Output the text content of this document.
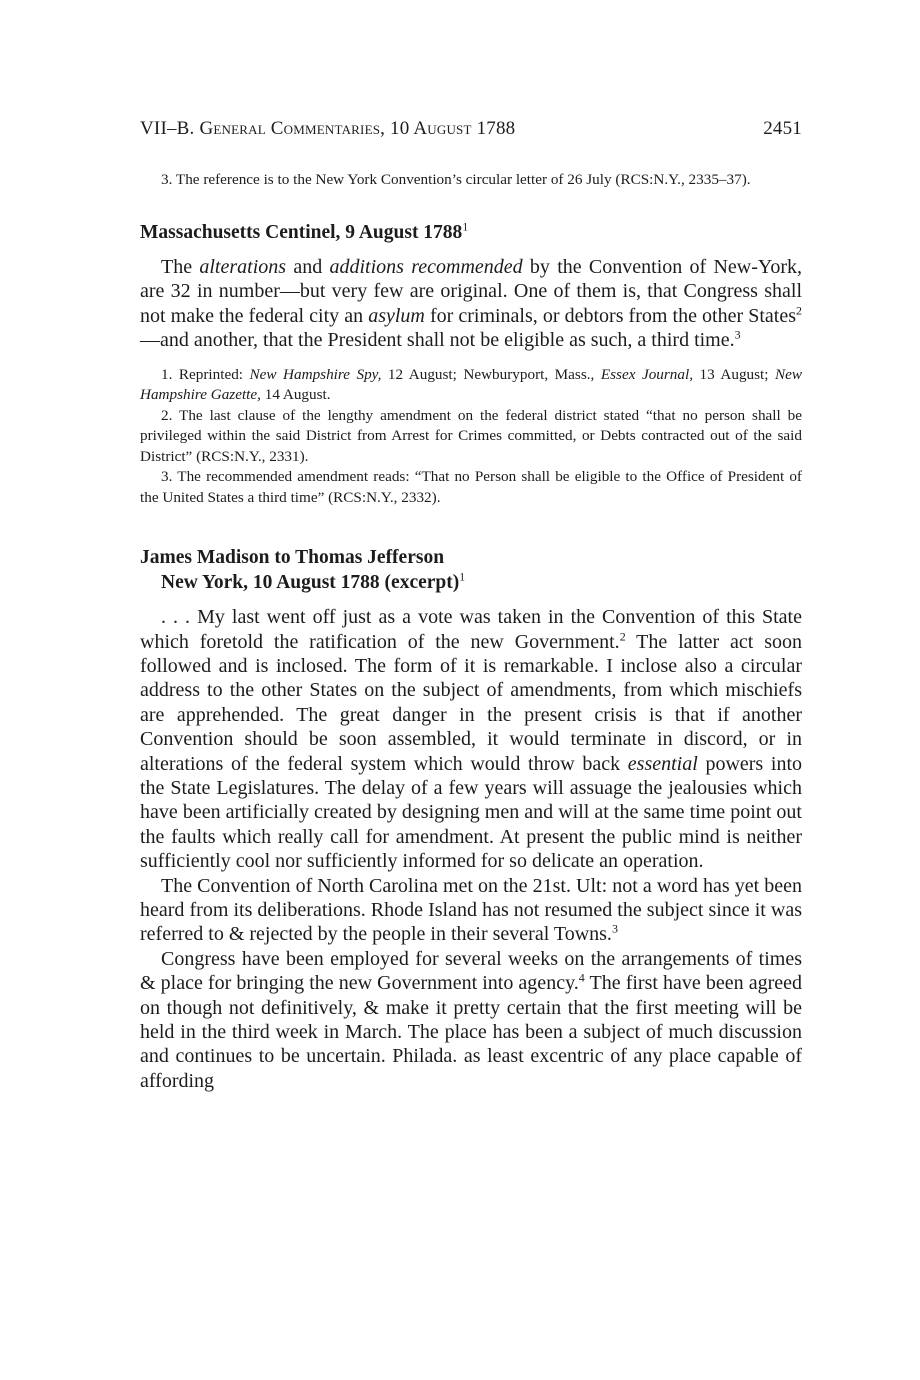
VII–B. General Commentaries, 10 August 1788	2451

3. The reference is to the New York Convention’s circular letter of 26 July (RCS:N.Y., 2335–37).

Massachusetts Centinel, 9 August 1788$^1$

The alterations and additions recommended by the Convention of New-York, are 32 in number—but very few are original. One of them is, that Congress shall not make the federal city an asylum for criminals, or debtors from the other States$^2$—and another, that the President shall not be eligible as such, a third time.$^3$

1. Reprinted: New Hampshire Spy, 12 August; Newburyport, Mass., Essex Journal, 13 August; New Hampshire Gazette, 14 August.

2. The last clause of the lengthy amendment on the federal district stated “that no person shall be privileged within the said District from Arrest for Crimes committed, or Debts contracted out of the said District” (RCS:N.Y., 2331).

3. The recommended amendment reads: “That no Person shall be eligible to the Office of President of the United States a third time” (RCS:N.Y., 2332).

James Madison to Thomas Jefferson
New York, 10 August 1788 (excerpt)$^1$

. . . My last went off just as a vote was taken in the Convention of this State which foretold the ratification of the new Government.$^2$ The latter act soon followed and is inclosed. The form of it is remarkable. I inclose also a circular address to the other States on the subject of amendments, from which mischiefs are apprehended. The great danger in the present crisis is that if another Convention should be soon assembled, it would terminate in discord, or in alterations of the federal system which would throw back essential powers into the State Legislatures. The delay of a few years will assuage the jealousies which have been artificially created by designing men and will at the same time point out the faults which really call for amendment. At present the public mind is neither sufficiently cool nor sufficiently informed for so delicate an operation.

The Convention of North Carolina met on the 21st. Ult: not a word has yet been heard from its deliberations. Rhode Island has not resumed the subject since it was referred to & rejected by the people in their several Towns.$^3$

Congress have been employed for several weeks on the arrangements of times & place for bringing the new Government into agency.$^4$ The first have been agreed on though not definitively, & make it pretty certain that the first meeting will be held in the third week in March. The place has been a subject of much discussion and continues to be uncertain. Philada. as least excentric of any place capable of affording
